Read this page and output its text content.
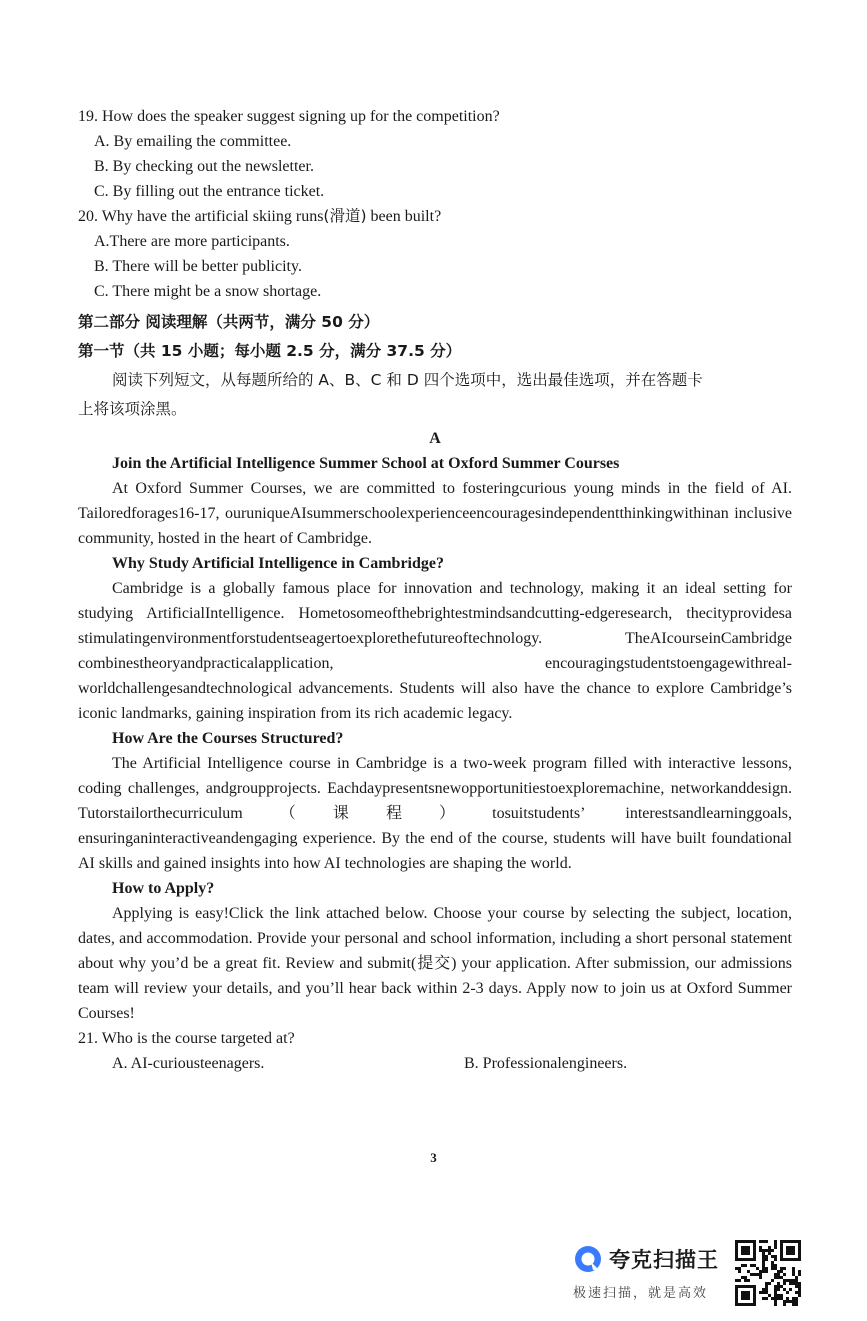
19. How does the speaker suggest signing up for the competition?
A. By emailing the committee.
B. By checking out the newsletter.
C. By filling out the entrance ticket.
20. Why have the artificial skiing runs(滑道) been built?
A.There are more participants.
B. There will be better publicity.
C. There might be a snow shortage.
第二部分 阅读理解（共两节，满分 50 分）
第一节（共 15 小题；每小题 2.5 分，满分 37.5 分）
阅读下列短文，从每题所给的 A、B、C 和 D 四个选项中，选出最佳选项，并在答题卡
上将该项涂黑。
A
Join the Artificial Intelligence Summer School at Oxford Summer Courses
At Oxford Summer Courses, we are committed to fosteringcurious young minds in the field of AI. Tailoredforages16-17, ouruniqueAIsummerschoolexperienceencouragesindependentthinkingwithinan inclusive community, hosted in the heart of Cambridge.
Why Study Artificial Intelligence in Cambridge?
Cambridge is a globally famous place for innovation and technology, making it an ideal setting for studying ArtificialIntelligence. Hometosomeofthebrightestmindsandcutting-edgeresearch, thecityprovidesa stimulatingenvironmentforstudentseagertoexplorethefutureoftechnology. TheAIcourseinCambridge combinestheoryandpracticalapplication, encouragingstudentstoengagewithreal-worldchallengesandtechnological advancements. Students will also have the chance to explore Cambridge’s iconic landmarks, gaining inspiration from its rich academic legacy.
How Are the Courses Structured?
The Artificial Intelligence course in Cambridge is a two-week program filled with interactive lessons, coding challenges, andgroupprojects. Eachdaypresentsnewopportunitiestoexploremachine, networkanddesign. Tutorstailorthecurriculum（课程）tosuitstudents’ interestsandlearninggoals, ensuringaninteractiveandengaging experience. By the end of the course, students will have built foundational AI skills and gained insights into how AI technologies are shaping the world.
How to Apply?
Applying is easy!Click the link attached below. Choose your course by selecting the subject, location, dates, and accommodation. Provide your personal and school information, including a short personal statement about why you’d be a great fit. Review and submit(提交) your application. After submission, our admissions team will review your details, and you’ll hear back within 2-3 days. Apply now to join us at Oxford Summer Courses!
21. Who is the course targeted at?
A. AI-curiousteenagers.	B. Professionalengineers.
3
夸克扫描王
极速扫描，就是高效
